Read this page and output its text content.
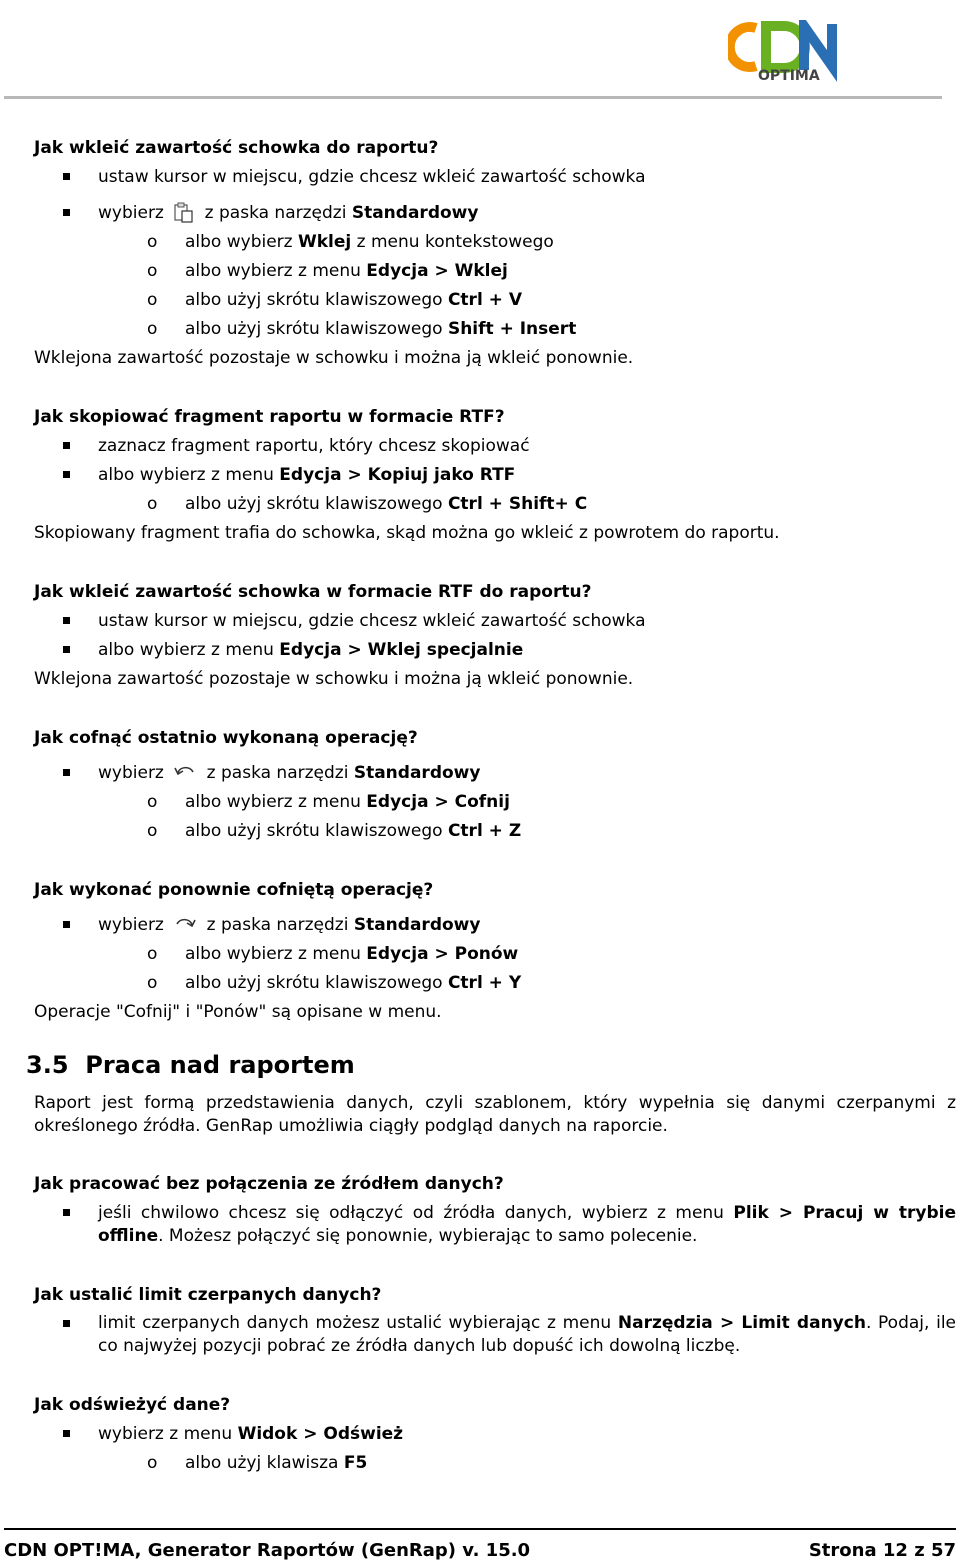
OPTIMA
Jak wkleić zawartość schowka do raportu?
ustaw kursor w miejscu, gdzie chcesz wkleić zawartość schowka
wybierz z paska narzędzi Standardowy
o albo wybierz Wklej z menu kontekstowego
o albo wybierz z menu Edycja > Wklej
o albo użyj skrótu klawiszowego Ctrl + V
o albo użyj skrótu klawiszowego Shift + Insert
Wklejona zawartość pozostaje w schowku i można ją wkleić ponownie.
Jak skopiować fragment raportu w formacie RTF?
zaznacz fragment raportu, który chcesz skopiować
albo wybierz z menu Edycja > Kopiuj jako RTF
o albo użyj skrótu klawiszowego Ctrl + Shift+ C
Skopiowany fragment trafia do schowka, skąd można go wkleić z powrotem do raportu.
Jak wkleić zawartość schowka w formacie RTF do raportu?
ustaw kursor w miejscu, gdzie chcesz wkleić zawartość schowka
albo wybierz z menu Edycja > Wklej specjalnie
Wklejona zawartość pozostaje w schowku i można ją wkleić ponownie.
Jak cofnąć ostatnio wykonaną operację?
wybierz	z paska narzędzi Standardowy
o albo wybierz z menu Edycja > Cofnij
o albo użyj skrótu klawiszowego Ctrl + Z
Jak wykonać ponownie cofniętą operację?
wybierz	z paska narzędzi Standardowy
o albo wybierz z menu Edycja > Ponów
o albo użyj skrótu klawiszowego Ctrl + Y
Operacje "Cofnij" i "Ponów" są opisane w menu.
3.5 Praca nad raportem
Raport jest formą przedstawienia danych, czyli szablonem, który wypełnia się danymi czerpanymi z określonego źródła. GenRap umożliwia ciągły podgląd danych na raporcie.
Jak pracować bez połączenia ze źródłem danych?
jeśli chwilowo chcesz się odłączyć od źródła danych, wybierz z menu Plik > Pracuj w trybie offline. Możesz połączyć się ponownie, wybierając to samo polecenie.
Jak ustalić limit czerpanych danych?
limit czerpanych danych możesz ustalić wybierając z menu Narzędzia > Limit danych. Podaj, ile co najwyżej pozycji pobrać ze źródła danych lub dopuść ich dowolną liczbę.
Jak odświeżyć dane?
wybierz z menu Widok > Odśwież
o albo użyj klawisza F5
CDN OPT!MA, Generator Raportów (GenRap) v. 15.0	Strona 12 z 57
